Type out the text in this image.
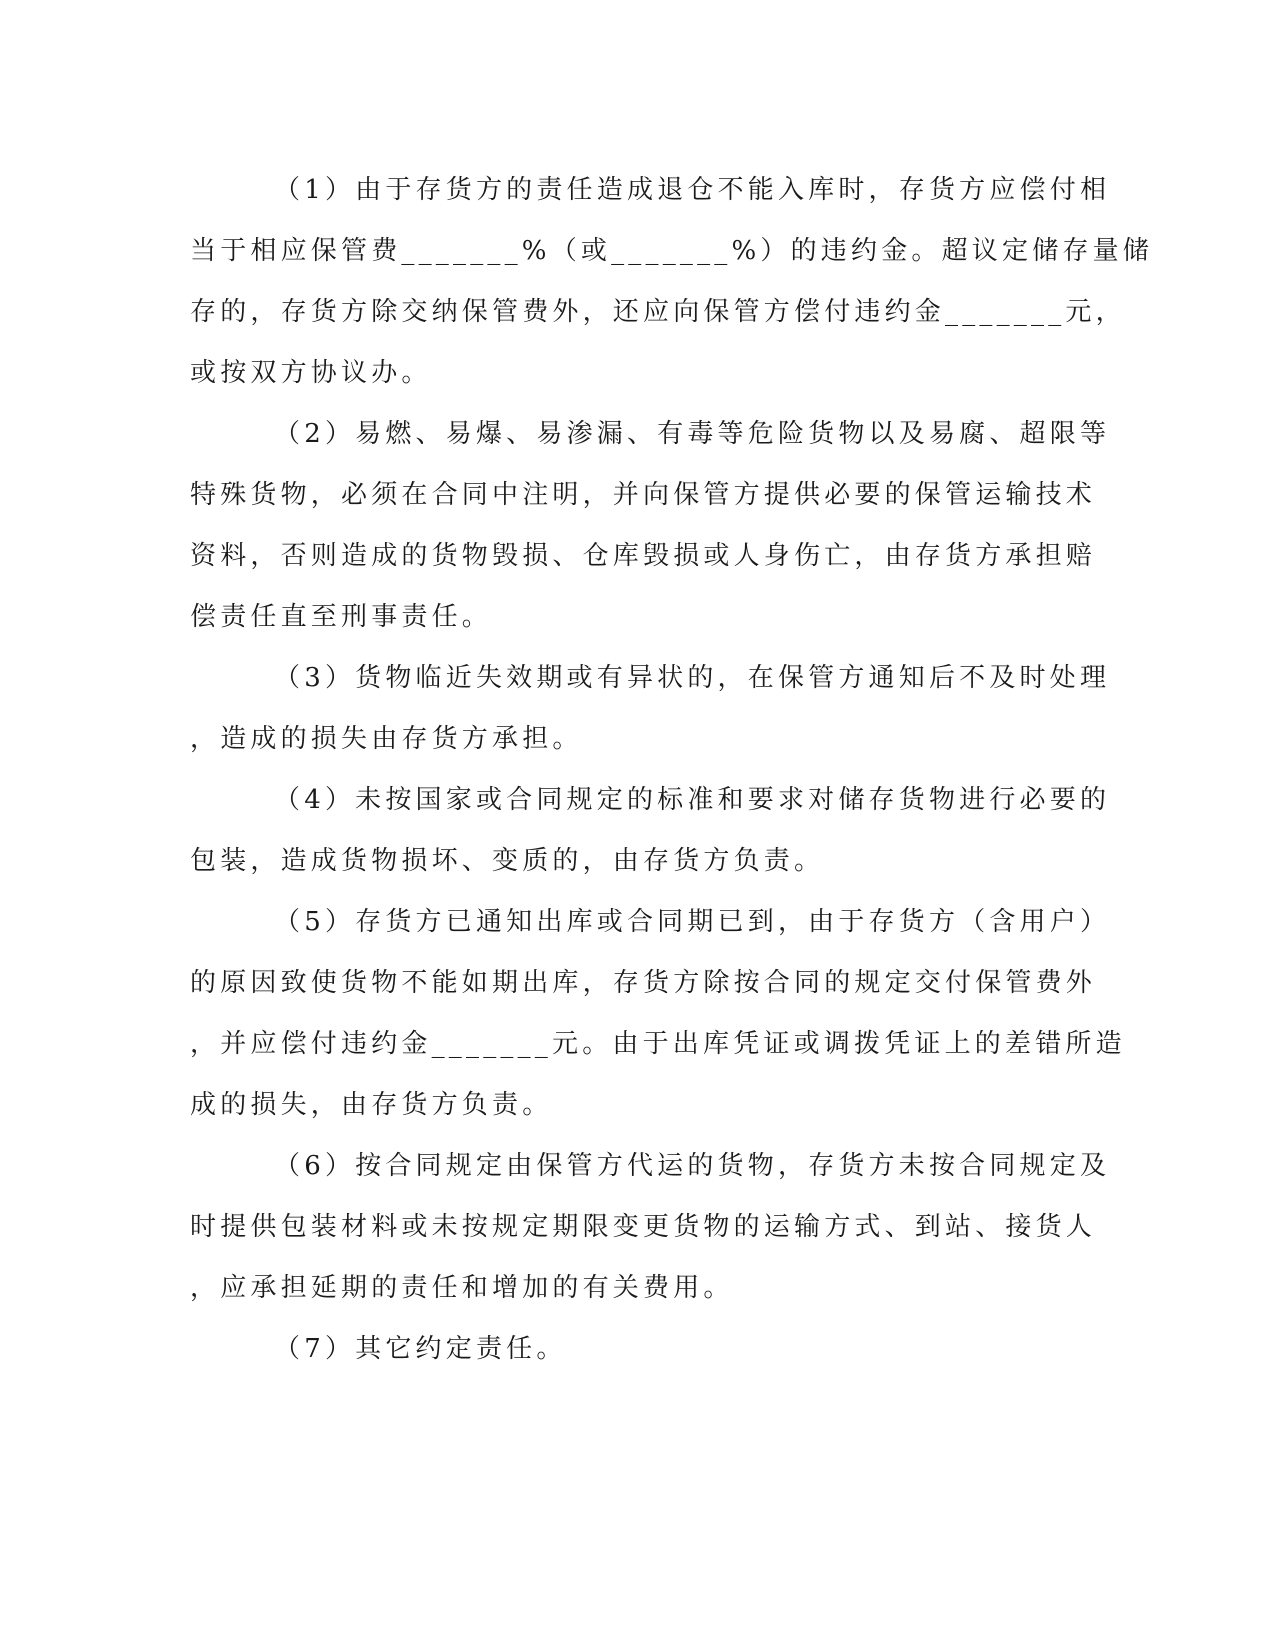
（1）由于存货方的责任造成退仓不能入库时，存货方应偿付相
当于相应保管费_______%（或_______%）的违约金。超议定储存量储
存的，存货方除交纳保管费外，还应向保管方偿付违约金_______元，
或按双方协议办。
（2）易燃、易爆、易渗漏、有毒等危险货物以及易腐、超限等
特殊货物，必须在合同中注明，并向保管方提供必要的保管运输技术
资料，否则造成的货物毁损、仓库毁损或人身伤亡，由存货方承担赔
偿责任直至刑事责任。
（3）货物临近失效期或有异状的，在保管方通知后不及时处理
，造成的损失由存货方承担。
（4）未按国家或合同规定的标准和要求对储存货物进行必要的
包装，造成货物损坏、变质的，由存货方负责。
（5）存货方已通知出库或合同期已到，由于存货方（含用户）
的原因致使货物不能如期出库，存货方除按合同的规定交付保管费外
，并应偿付违约金_______元。由于出库凭证或调拨凭证上的差错所造
成的损失，由存货方负责。
（6）按合同规定由保管方代运的货物，存货方未按合同规定及
时提供包装材料或未按规定期限变更货物的运输方式、到站、接货人
，应承担延期的责任和增加的有关费用。
（7）其它约定责任。
